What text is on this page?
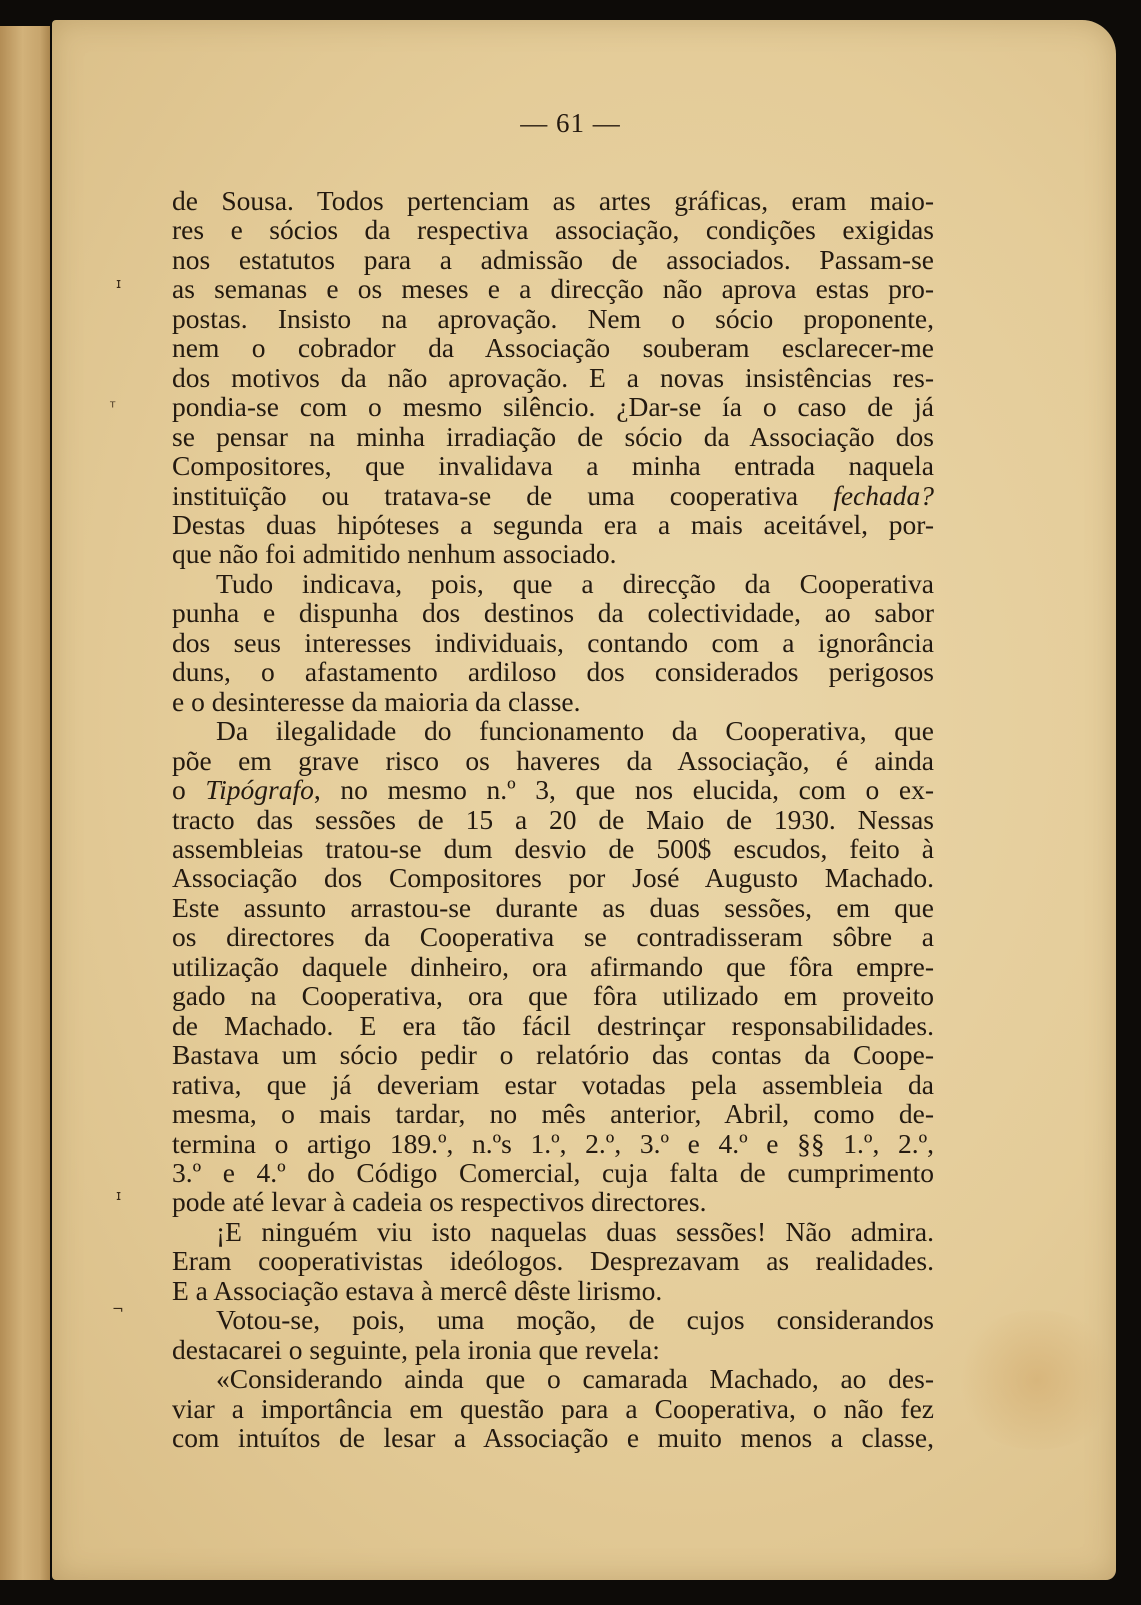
ɪ
ᵀ
ɪ
¬
— 61 —
de Sousa. Todos pertenciam as artes gráficas, eram maio-
res e sócios da respectiva associação, condições exigidas
nos estatutos para a admissão de associados. Passam-se
as semanas e os meses e a direcção não aprova estas pro-
postas. Insisto na aprovação. Nem o sócio proponente,
nem o cobrador da Associação souberam esclarecer-me
dos motivos da não aprovação. E a novas insistências res-
pondia-se com o mesmo silêncio. ¿Dar-se ía o caso de já
se pensar na minha irradiação de sócio da Associação dos
Compositores, que invalidava a minha entrada naquela
instituïção ou tratava-se de uma cooperativa fechada?
Destas duas hipóteses a segunda era a mais aceitável, por-
que não foi admitido nenhum associado.
Tudo indicava, pois, que a direcção da Cooperativa
punha e dispunha dos destinos da colectividade, ao sabor
dos seus interesses individuais, contando com a ignorância
duns, o afastamento ardiloso dos considerados perigosos
e o desinteresse da maioria da classe.
Da ilegalidade do funcionamento da Cooperativa, que
põe em grave risco os haveres da Associação, é ainda
o Tipógrafo, no mesmo n.º 3, que nos elucida, com o ex-
tracto das sessões de 15 a 20 de Maio de 1930. Nessas
assembleias tratou-se dum desvio de 500$ escudos, feito à
Associação dos Compositores por José Augusto Machado.
Este assunto arrastou-se durante as duas sessões, em que
os directores da Cooperativa se contradisseram sôbre a
utilização daquele dinheiro, ora afirmando que fôra empre-
gado na Cooperativa, ora que fôra utilizado em proveito
de Machado. E era tão fácil destrinçar responsabilidades.
Bastava um sócio pedir o relatório das contas da Coope-
rativa, que já deveriam estar votadas pela assembleia da
mesma, o mais tardar, no mês anterior, Abril, como de-
termina o artigo 189.º, n.ºs 1.º, 2.º, 3.º e 4.º e §§ 1.º, 2.º,
3.º e 4.º do Código Comercial, cuja falta de cumprimento
pode até levar à cadeia os respectivos directores.
¡E ninguém viu isto naquelas duas sessões! Não admira.
Eram cooperativistas ideólogos. Desprezavam as realidades.
E a Associação estava à mercê dêste lirismo.
Votou-se, pois, uma moção, de cujos considerandos
destacarei o seguinte, pela ironia que revela:
«Considerando ainda que o camarada Machado, ao des-
viar a importância em questão para a Cooperativa, o não fez
com intuítos de lesar a Associação e muito menos a classe,
